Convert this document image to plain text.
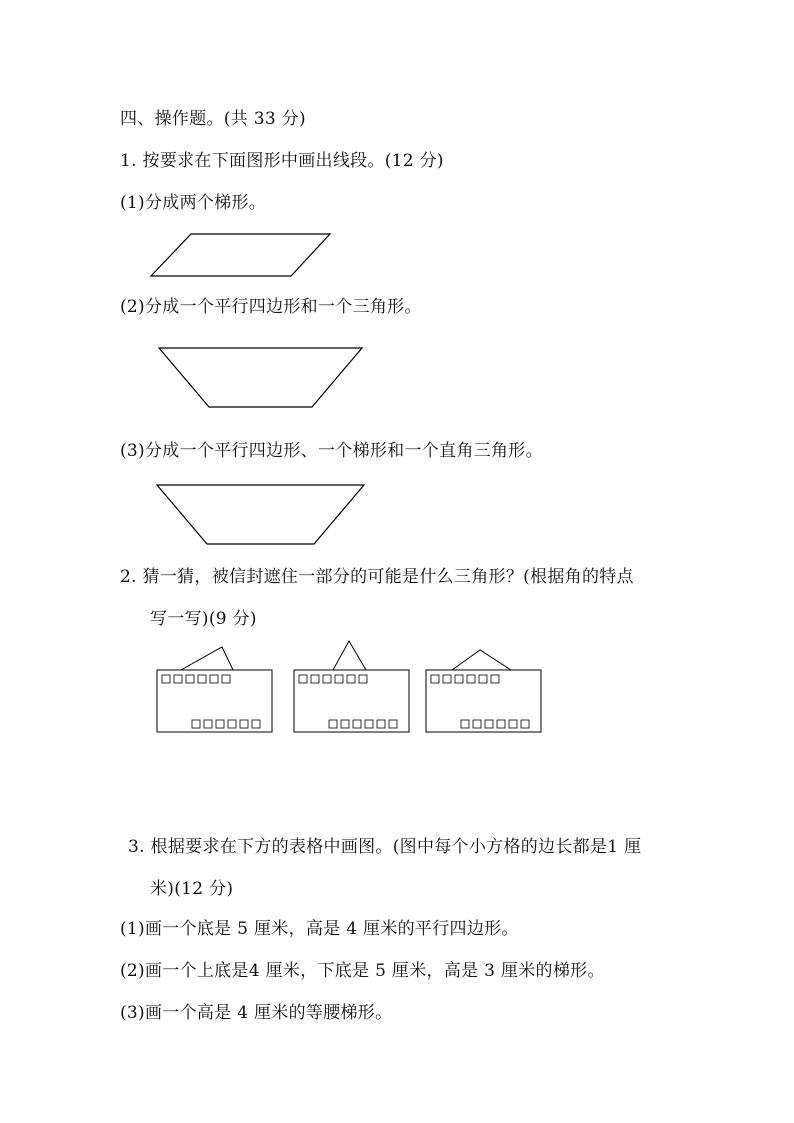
四、操作题。(共 33 分)
1. 按要求在下面图形中画出线段。(12 分)
(1)分成两个梯形。
(2)分成一个平行四边形和一个三角形。
(3)分成一个平行四边形、一个梯形和一个直角三角形。
2. 猜一猜，被信封遮住一部分的可能是什么三角形？(根据角的特点
写一写)(9 分)
3. 根据要求在下方的表格中画图。(图中每个小方格的边长都是1 厘
米)(12 分)
(1)画一个底是 5 厘米，高是 4 厘米的平行四边形。
(2)画一个上底是4 厘米，下底是 5 厘米，高是 3 厘米的梯形。
(3)画一个高是 4 厘米的等腰梯形。
